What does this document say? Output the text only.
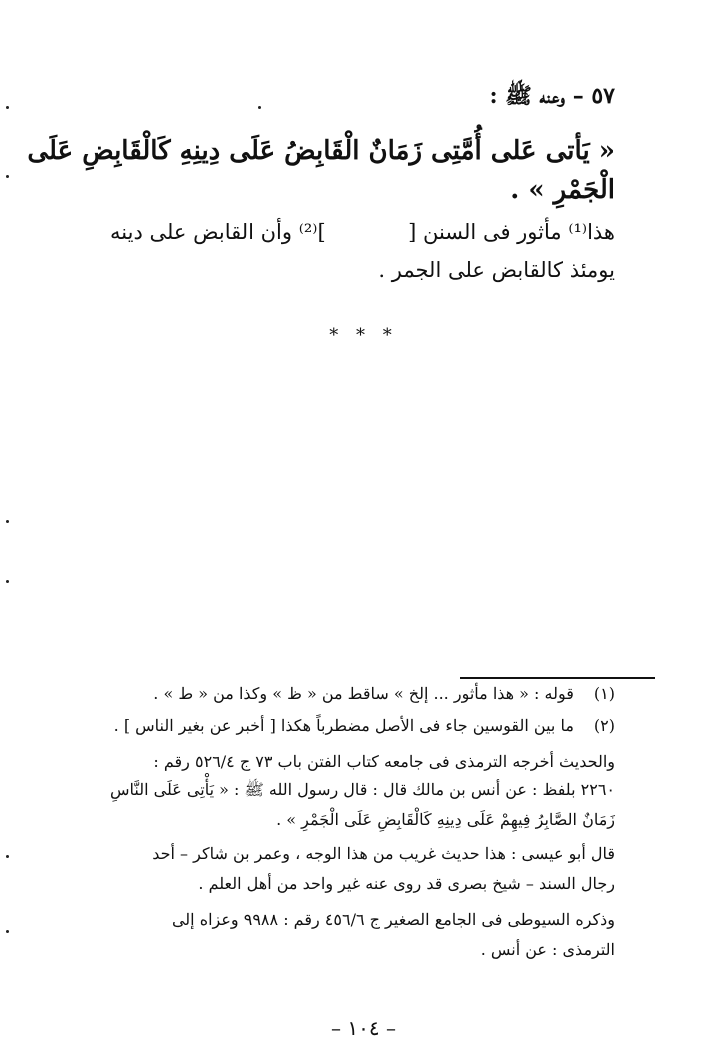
٥٧ – وعنه ﷺ :
« يَأتى عَلى أُمَّتِى زَمَانٌ الْقَابِضُ عَلَى دِينِهِ كَالْقَابِضِ عَلَى
الْجَمْرِ » .
هذا⁽¹⁾ مأثور فى السنن [
]⁽²⁾ وأن القابض على دينه
يومئذ كالقابض على الجمر .
* * *
(١) قوله : « هذا مأثور ... إلخ » ساقط من « ظ » وكذا من « ط » .
(٢) ما بين القوسين جاء فى الأصل مضطرباً هكذا [ أخبر عن بغير الناس ] .
والحديث أخرجه الترمذى فى جامعه كتاب الفتن باب ٧٣ ج ٥٢٦/٤ رقم :
٢٢٦٠ بلفظ : عن أنس بن مالك قال : قال رسول الله ﷺ : « يَأْتِى عَلَى النَّاسِ
زَمَانٌ الصَّابِرُ فِيهِمْ عَلَى دِينِهِ كَالْقَابِضِ عَلَى الْجَمْرِ » .
قال أبو عيسى : هذا حديث غريب من هذا الوجه ، وعمر بن شاكر – أحد
رجال السند – شيخ بصرى قد روى عنه غير واحد من أهل العلم .
وذكره السيوطى فى الجامع الصغير ج ٤٥٦/٦ رقم : ٩٩٨٨ وعزاه إلى
الترمذى : عن أنس .
– ١٠٤ –
